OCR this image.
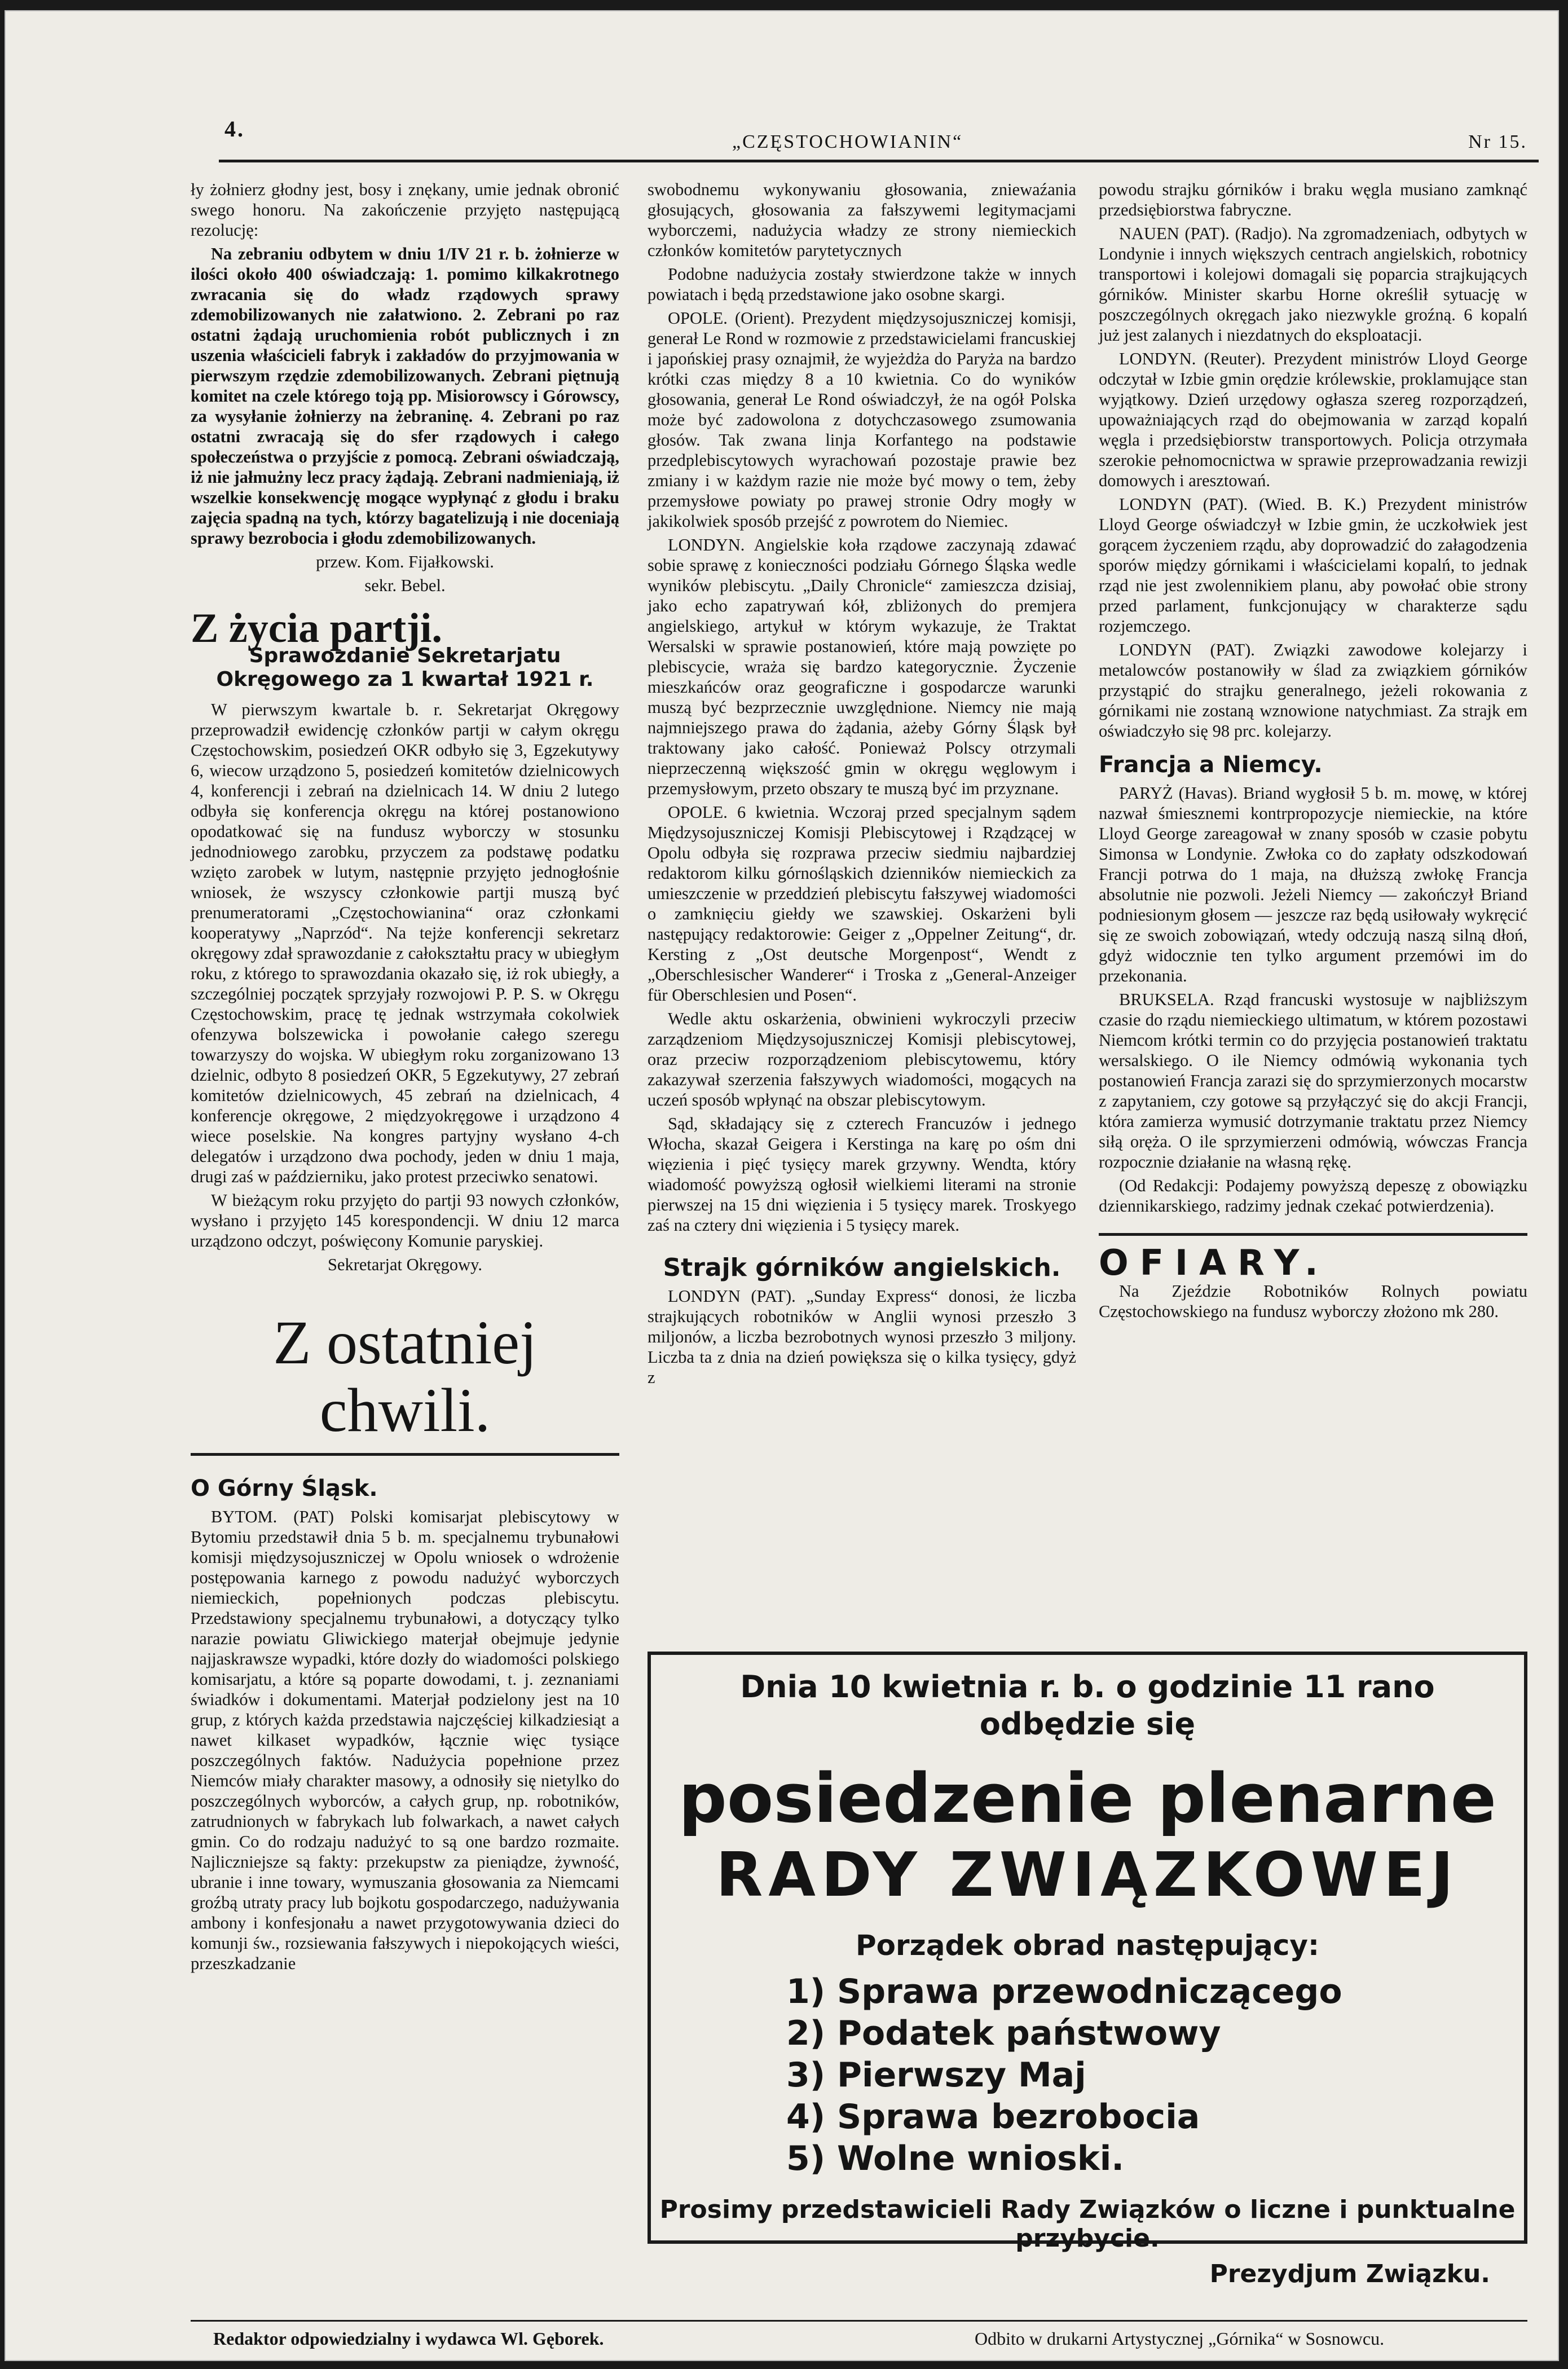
4.
„CZĘSTOCHOWIANIN“	Nr 15.

ły żołnierz głodny jest, bosy i znękany, umie jednak obronić swego honoru. Na zakończenie przyjęto następującą rezolucję:

Na zebraniu odbytem w dniu 1/IV 21 r. b. żołnierze w ilości około 400 oświadczają: 1. pomimo kilkakrotnego zwracania się do władz rządowych sprawy zdemobilizowanych nie załatwiono. 2. Zebrani po raz ostatni żądają uruchomienia robót publicznych i zn uszenia właścicieli fabryk i zakładów do przyjmowania w pierwszym rzędzie zdemobilizowanych. Zebrani piętnują komitet na czele którego toją pp. Misiorowscy i Górowscy, za wysyłanie żołnierzy na żebraninę. 4. Zebrani po raz ostatni zwracają się do sfer rządowych i całego społeczeństwa o przyjście z pomocą. Zebrani oświadczają, iż nie jałmużny lecz pracy żądają. Zebrani nadmieniają, iż wszelkie konsekwencję mogące wypłynąć z głodu i braku zajęcia spadną na tych, którzy bagatelizują i nie doceniają sprawy bezrobocia i głodu zdemobilizowanych.

przew. Kom. Fijałkowski.

sekr. Bebel.

Z życia partji.
Sprawozdanie Sekretarjatu Okręgowego za 1 kwartał 1921 r.

W pierwszym kwartale b. r. Sekretarjat Okręgowy przeprowadził ewidencję członków partji w całym okręgu Częstochowskim, posiedzeń OKR odbyło się 3, Egzekutywy 6, wiecow urządzono 5, posiedzeń komitetów dzielnicowych 4, konferencji i zebrań na dzielnicach 14. W dniu 2 lutego odbyła się konferencja okręgu na której postanowiono opodatkować się na fundusz wyborczy w stosunku jednodniowego zarobku, przyczem za podstawę podatku wzięto zarobek w lutym, następnie przyjęto jednogłośnie wniosek, że wszyscy członkowie partji muszą być prenumeratorami „Częstochowianina“ oraz członkami kooperatywy „Naprzód“. Na tejże konferencji sekretarz okręgowy zdał sprawozdanie z całokształtu pracy w ubiegłym roku, z którego to sprawozdania okazało się, iż rok ubiegły, a szczególniej początek sprzyjały rozwojowi P. P. S. w Okręgu Częstochowskim, pracę tę jednak wstrzymała cokolwiek ofenzywa bolszewicka i powołanie całego szeregu towarzyszy do wojska. W ubiegłym roku zorganizowano 13 dzielnic, odbyto 8 posiedzeń OKR, 5 Egzekutywy, 27 zebrań komitetów dzielnicowych, 45 zebrań na dzielnicach, 4 konferencje okręgowe, 2 międzyokręgowe i urządzono 4 wiece poselskie. Na kongres partyjny wysłano 4-ch delegatów i urządzono dwa pochody, jeden w dniu 1 maja, drugi zaś w październiku, jako protest przeciwko senatowi.

W bieżącym roku przyjęto do partji 93 nowych członków, wysłano i przyjęto 145 korespondencji. W dniu 12 marca urządzono odczyt, poświęcony Komunie paryskiej.

Sekretarjat Okręgowy.

Z ostatniej chwili.
O Górny Śląsk.

BYTOM. (PAT) Polski komisarjat plebiscytowy w Bytomiu przedstawił dnia 5 b. m. specjalnemu trybunałowi komisji międzysojuszniczej w Opolu wniosek o wdrożenie postępowania karnego z powodu nadużyć wyborczych niemieckich, popełnionych podczas plebiscytu. Przedstawiony specjalnemu trybunałowi, a dotyczący tylko narazie powiatu Gliwickiego materjał obejmuje jedynie najjaskrawsze wypadki, które dozły do wiadomości polskiego komisarjatu, a które są poparte dowodami, t. j. zeznaniami świadków i dokumentami. Materjał podzielony jest na 10 grup, z których każda przedstawia najczęściej kilkadziesiąt a nawet kilkaset wypadków, łącznie więc tysiące poszczególnych faktów. Nadużycia popełnione przez Niemców miały charakter masowy, a odnosiły się nietylko do poszczególnych wyborców, a całych grup, np. robotników, zatrudnionych w fabrykach lub folwarkach, a nawet całych gmin. Co do rodzaju nadużyć to są one bardzo rozmaite. Najliczniejsze są fakty: przekupstw za pieniądze, żywność, ubranie i inne towary, wymuszania głosowania za Niemcami groźbą utraty pracy lub bojkotu gospodarczego, nadużywania ambony i konfesjonału a nawet przygotowywania dzieci do komunji św., rozsiewania fałszywych i niepokojących wieści, przeszkadzanie

swobodnemu wykonywaniu głosowania, zniewaźania głosujących, głosowania za fałszywemi legitymacjami wyborczemi, nadużycia władzy ze strony niemieckich członków komitetów parytetycznych

Podobne nadużycia zostały stwierdzone także w innych powiatach i będą przedstawione jako osobne skargi.

OPOLE. (Orient). Prezydent międzysojuszniczej komisji, generał Le Rond w rozmowie z przedstawicielami francuskiej i japońskiej prasy oznajmił, że wyjeżdża do Paryża na bardzo krótki czas między 8 a 10 kwietnia. Co do wyników głosowania, generał Le Rond oświadczył, że na ogół Polska może być zadowolona z dotychczasowego zsumowania głosów. Tak zwana linja Korfantego na podstawie przedplebiscytowych wyrachowań pozostaje prawie bez zmiany i w każdym razie nie może być mowy o tem, żeby przemysłowe powiaty po prawej stronie Odry mogły w jakikolwiek sposób przejść z powrotem do Niemiec.

LONDYN. Angielskie koła rządowe zaczynają zdawać sobie sprawę z konieczności podziału Górnego Śląska wedle wyników plebiscytu. „Daily Chronicle“ zamieszcza dzisiaj, jako echo zapatrywań kół, zbliżonych do premjera angielskiego, artykuł w którym wykazuje, że Traktat Wersalski w sprawie postanowień, które mają powzięte po plebiscycie, wraża się bardzo kategorycznie. Życzenie mieszkańców oraz geograficzne i gospodarcze warunki muszą być bezprzecznie uwzględnione. Niemcy nie mają najmniejszego prawa do żądania, ażeby Górny Śląsk był traktowany jako całość. Ponieważ Polscy otrzymali nieprzeczenną większość gmin w okręgu węglowym i przemysłowym, przeto obszary te muszą być im przyznane.

OPOLE. 6 kwietnia. Wczoraj przed specjalnym sądem Międzysojuszniczej Komisji Plebiscytowej i Rządzącej w Opolu odbyła się rozprawa przeciw siedmiu najbardziej redaktorom kilku górnośląskich dzienników niemieckich za umieszczenie w przeddzień plebiscytu fałszywej wiadomości o zamknięciu giełdy we szawskiej. Oskarżeni byli następujący redaktorowie: Geiger z „Oppelner Zeitung“, dr. Kersting z „Ost deutsche Morgenpost“, Wendt z „Oberschlesischer Wanderer“ i Troska z „General-Anzeiger für Oberschlesien und Posen“.

Wedle aktu oskarżenia, obwinieni wykroczyli przeciw zarządzeniom Międzysojuszniczej Komisji plebiscytowej, oraz przeciw rozporządzeniom plebiscytowemu, który zakazywał szerzenia fałszywych wiadomości, mogących na uczeń sposób wpłynąć na obszar plebiscytowym.

Sąd, składający się z czterech Francuzów i jednego Włocha, skazał Geigera i Kerstinga na karę po ośm dni więzienia i pięć tysięcy marek grzywny. Wendta, który wiadomość powyższą ogłosił wielkiemi literami na stronie pierwszej na 15 dni więzienia i 5 tysięcy marek. Troskyego zaś na cztery dni więzienia i 5 tysięcy marek.

Strajk górników angielskich.

LONDYN (PAT). „Sunday Express“ donosi, że liczba strajkujących robotników w Anglii wynosi przeszło 3 miljonów, a liczba bezrobotnych wynosi przeszło 3 miljony. Liczba ta z dnia na dzień powiększa się o kilka tysięcy, gdyż z

powodu strajku górników i braku węgla musiano zamknąć przedsiębiorstwa fabryczne.

NAUEN (PAT). (Radjo). Na zgromadzeniach, odbytych w Londynie i innych większych centrach angielskich, robotnicy transportowi i kolejowi domagali się poparcia strajkujących górników. Minister skarbu Horne określił sytuację w poszczególnych okręgach jako niezwykle groźną. 6 kopalń już jest zalanych i niezdatnych do eksploatacji.

LONDYN. (Reuter). Prezydent ministrów Lloyd George odczytał w Izbie gmin orędzie królewskie, proklamujące stan wyjątkowy. Dzień urzędowy ogłasza szereg rozporządzeń, upoważniających rząd do obejmowania w zarząd kopalń węgla i przedsiębiorstw transportowych. Policja otrzymała szerokie pełnomocnictwa w sprawie przeprowadzania rewizji domowych i aresztowań.

LONDYN (PAT). (Wied. B. K.) Prezydent ministrów Lloyd George oświadczył w Izbie gmin, że uczkołwiek jest gorącem życzeniem rządu, aby doprowadzić do załagodzenia sporów między górnikami i właścicielami kopalń, to jednak rząd nie jest zwolennikiem planu, aby powołać obie strony przed parlament, funkcjonujący w charakterze sądu rozjemczego.

LONDYN (PAT). Związki zawodowe kolejarzy i metalowców postanowiły w ślad za związkiem górników przystąpić do strajku generalnego, jeżeli rokowania z górnikami nie zostaną wznowione natychmiast. Za strajk em oświadczyło się 98 prc. kolejarzy.

Francja a Niemcy.

PARYŻ (Havas). Briand wygłosił 5 b. m. mowę, w której nazwał śmiesznemi kontrpropozycje niemieckie, na które Lloyd George zareagował w znany sposób w czasie pobytu Simonsa w Londynie. Zwłoka co do zapłaty odszkodowań Francji potrwa do 1 maja, na dłuższą zwłokę Francja absolutnie nie pozwoli. Jeżeli Niemcy — zakończył Briand podniesionym głosem — jeszcze raz będą usiłowały wykręcić się ze swoich zobowiązań, wtedy odczują naszą silną dłoń, gdyż widocznie ten tylko argument przemówi im do przekonania.

BRUKSELA. Rząd francuski wystosuje w najbliższym czasie do rządu niemieckiego ultimatum, w którem pozostawi Niemcom krótki termin co do przyjęcia postanowień traktatu wersalskiego. O ile Niemcy odmówią wykonania tych postanowień Francja zarazi się do sprzymierzonych mocarstw z zapytaniem, czy gotowe są przyłączyć się do akcji Francji, która zamierza wymusić dotrzymanie traktatu przez Niemcy siłą oręża. O ile sprzymierzeni odmówią, wówczas Francja rozpocznie działanie na własną rękę.

(Od Redakcji: Podajemy powyższą depeszę z obowiązku dziennikarskiego, radzimy jednak czekać potwierdzenia).

OFIARY.

Na Zjeździe Robotników Rolnych powiatu Częstochowskiego na fundusz wyborczy złożono mk 280.

Dnia 10 kwietnia r. b. o godzinie 11 rano
odbędzie się
posiedzenie plenarne
RADY ZWIĄZKOWEJ
Porządek obrad następujący:
1) Sprawa przewodniczącego
2) Podatek państwowy
3) Pierwszy Maj
4) Sprawa bezrobocia
5) Wolne wnioski.
Prosimy przedstawicieli Rady Związków o liczne i punktualne przybycie.
Prezydjum Związku.
Redaktor odpowiedzialny i wydawca Wl. Gęborek.	Odbito w drukarni Artystycznej „Górnika“ w Sosnowcu.
